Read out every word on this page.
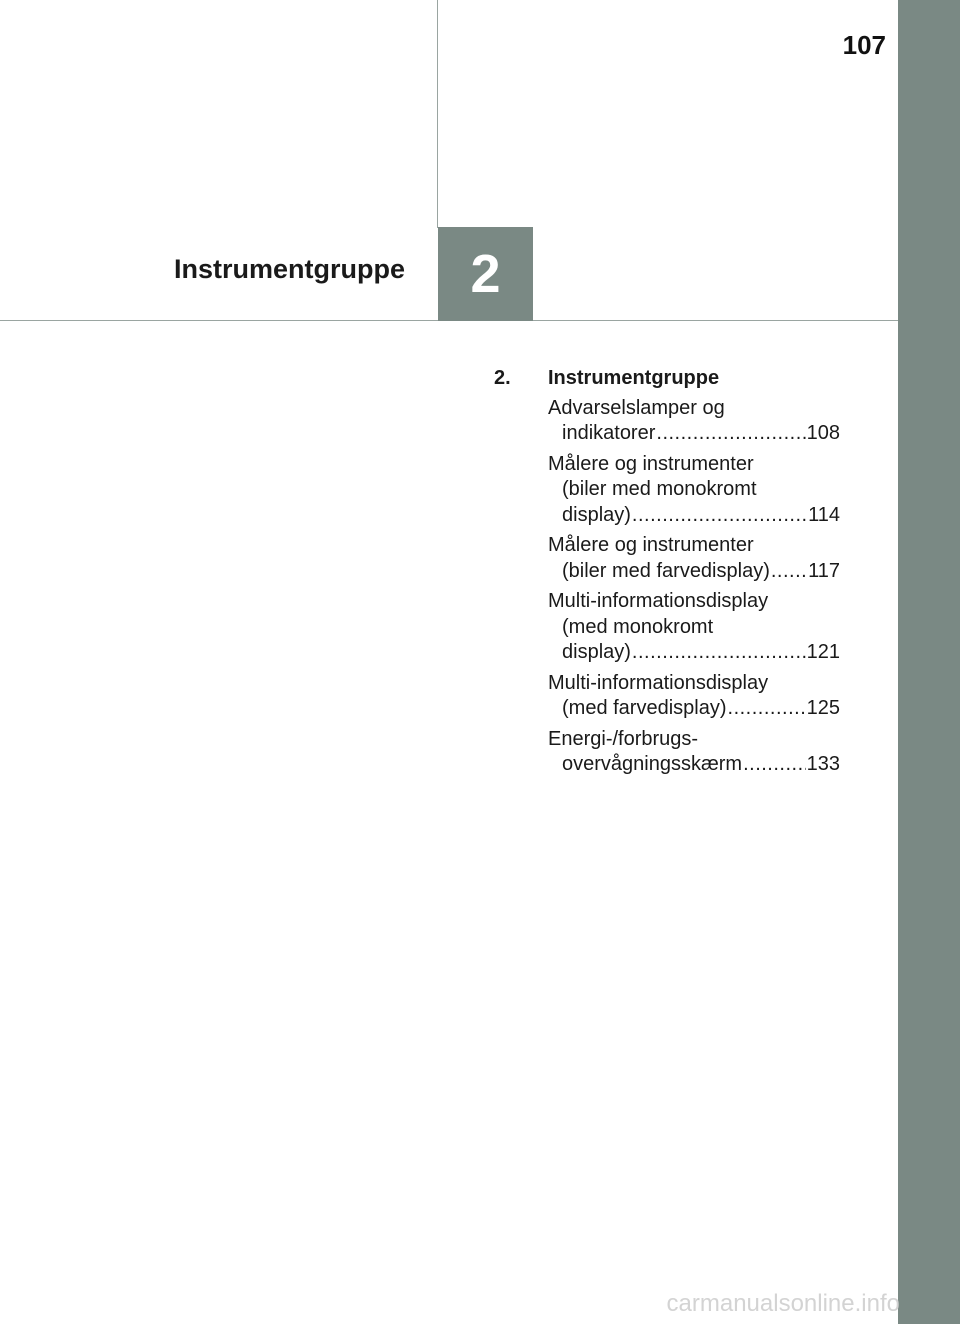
107
2
Instrumentgruppe
2.	Instrumentgruppe
Advarselslamper og
indikatorer .....	108
Målere og instrumenter
(biler med monokromt
display) .....	114
Målere og instrumenter
(biler med farvedisplay) ..... 117
Multi-informationsdisplay
(med monokromt
display) .....	121
Multi-informationsdisplay
(med farvedisplay) .....	125
Energi-/forbrugs-
overvågningsskærm .....	133
carmanualsonline.info
